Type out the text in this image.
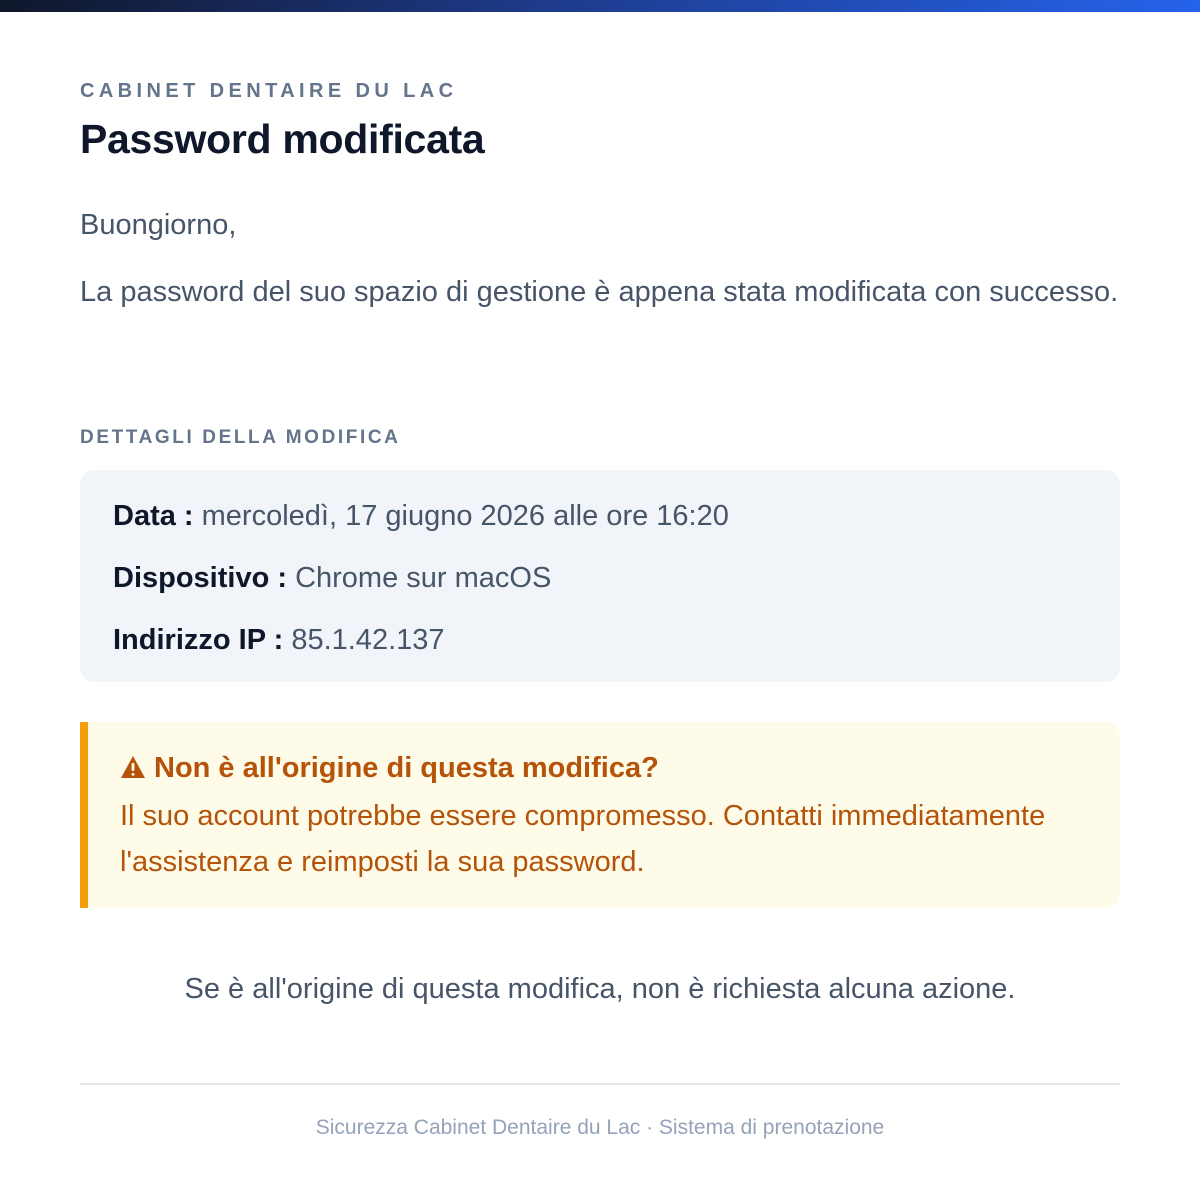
CABINET DENTAIRE DU LAC
Password modificata
Buongiorno,
La password del suo spazio di gestione è appena stata modificata con successo.
DETTAGLI DELLA MODIFICA
Data : mercoledì, 17 giugno 2026 alle ore 16:20
Dispositivo : Chrome sur macOS
Indirizzo IP : 85.1.42.137
Non è all'origine di questa modifica?
Il suo account potrebbe essere compromesso. Contatti immediatamente l'assistenza e reimposti la sua password.
Se è all'origine di questa modifica, non è richiesta alcuna azione.
Sicurezza Cabinet Dentaire du Lac · Sistema di prenotazione
